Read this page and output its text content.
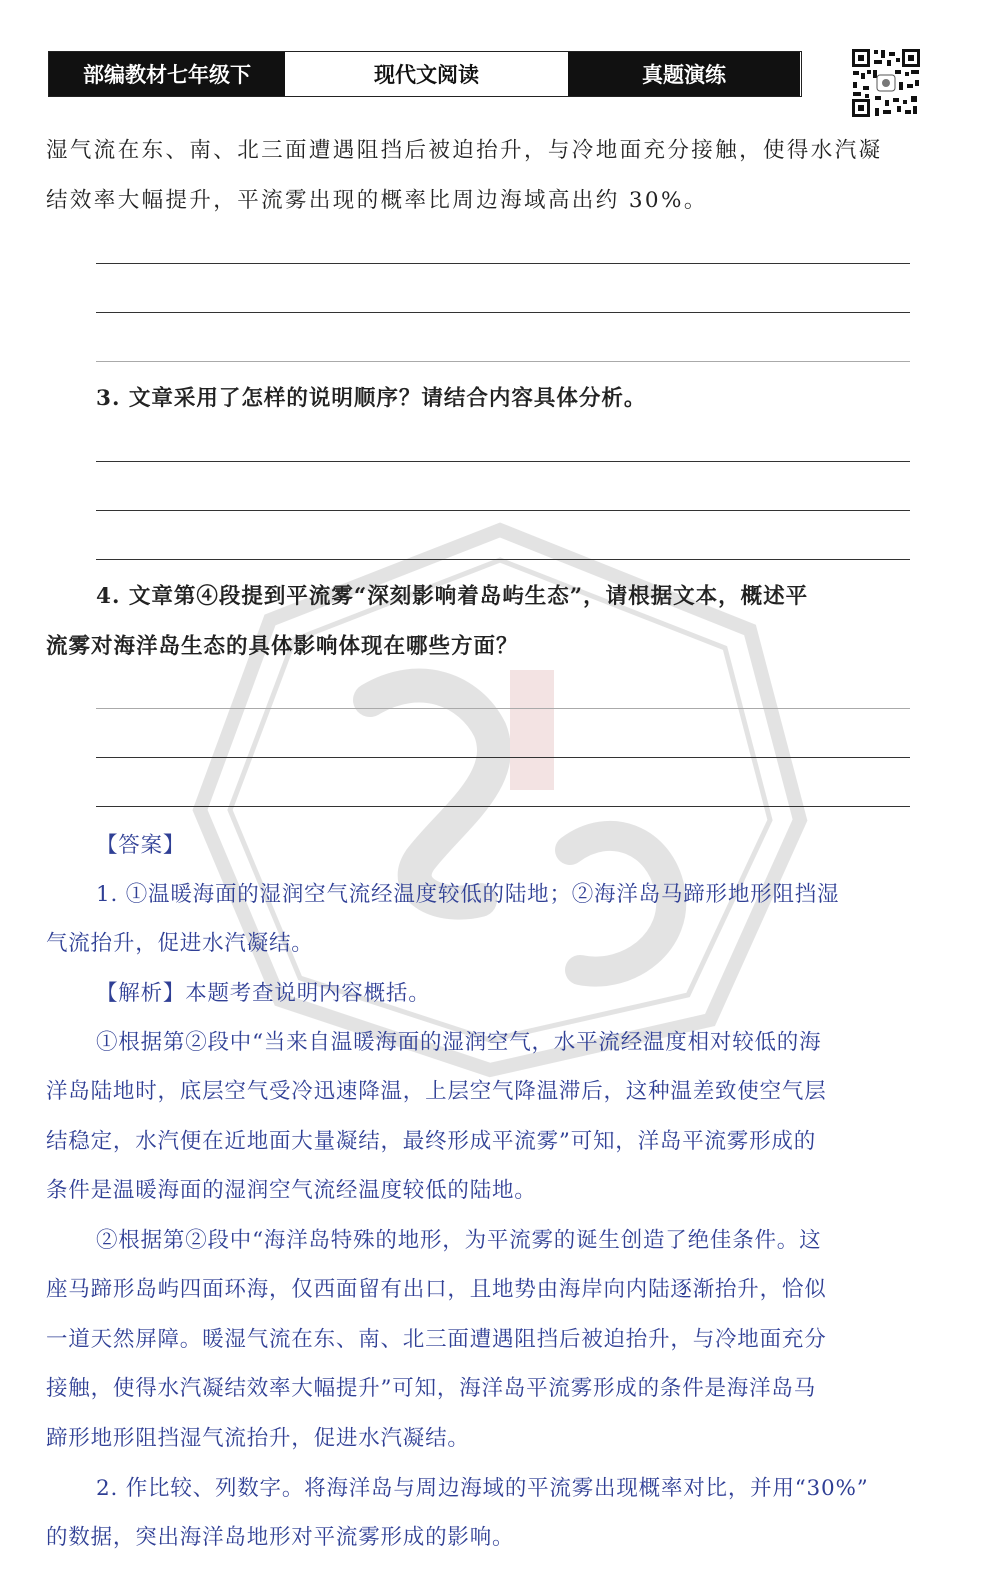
部编教材七年级下	现代文阅读	真题演练
湿气流在东、南、北三面遭遇阻挡后被迫抬升，与冷地面充分接触，使得水汽凝
结效率大幅提升，平流雾出现的概率比周边海域高出约 30%。
3. 文章采用了怎样的说明顺序？请结合内容具体分析。
4. 文章第④段提到平流雾“深刻影响着岛屿生态”，请根据文本，概述平
流雾对海洋岛生态的具体影响体现在哪些方面？
【答案】
1. ①温暖海面的湿润空气流经温度较低的陆地；②海洋岛马蹄形地形阻挡湿
气流抬升，促进水汽凝结。
【解析】本题考查说明内容概括。
①根据第②段中“当来自温暖海面的湿润空气，水平流经温度相对较低的海
洋岛陆地时，底层空气受冷迅速降温，上层空气降温滞后，这种温差致使空气层
结稳定，水汽便在近地面大量凝结，最终形成平流雾”可知，洋岛平流雾形成的
条件是温暖海面的湿润空气流经温度较低的陆地。
②根据第②段中“海洋岛特殊的地形，为平流雾的诞生创造了绝佳条件。这
座马蹄形岛屿四面环海，仅西面留有出口，且地势由海岸向内陆逐渐抬升，恰似
一道天然屏障。暖湿气流在东、南、北三面遭遇阻挡后被迫抬升，与冷地面充分
接触，使得水汽凝结效率大幅提升”可知，海洋岛平流雾形成的条件是海洋岛马
蹄形地形阻挡湿气流抬升，促进水汽凝结。
2. 作比较、列数字。将海洋岛与周边海域的平流雾出现概率对比，并用“30%”
的数据，突出海洋岛地形对平流雾形成的影响。
